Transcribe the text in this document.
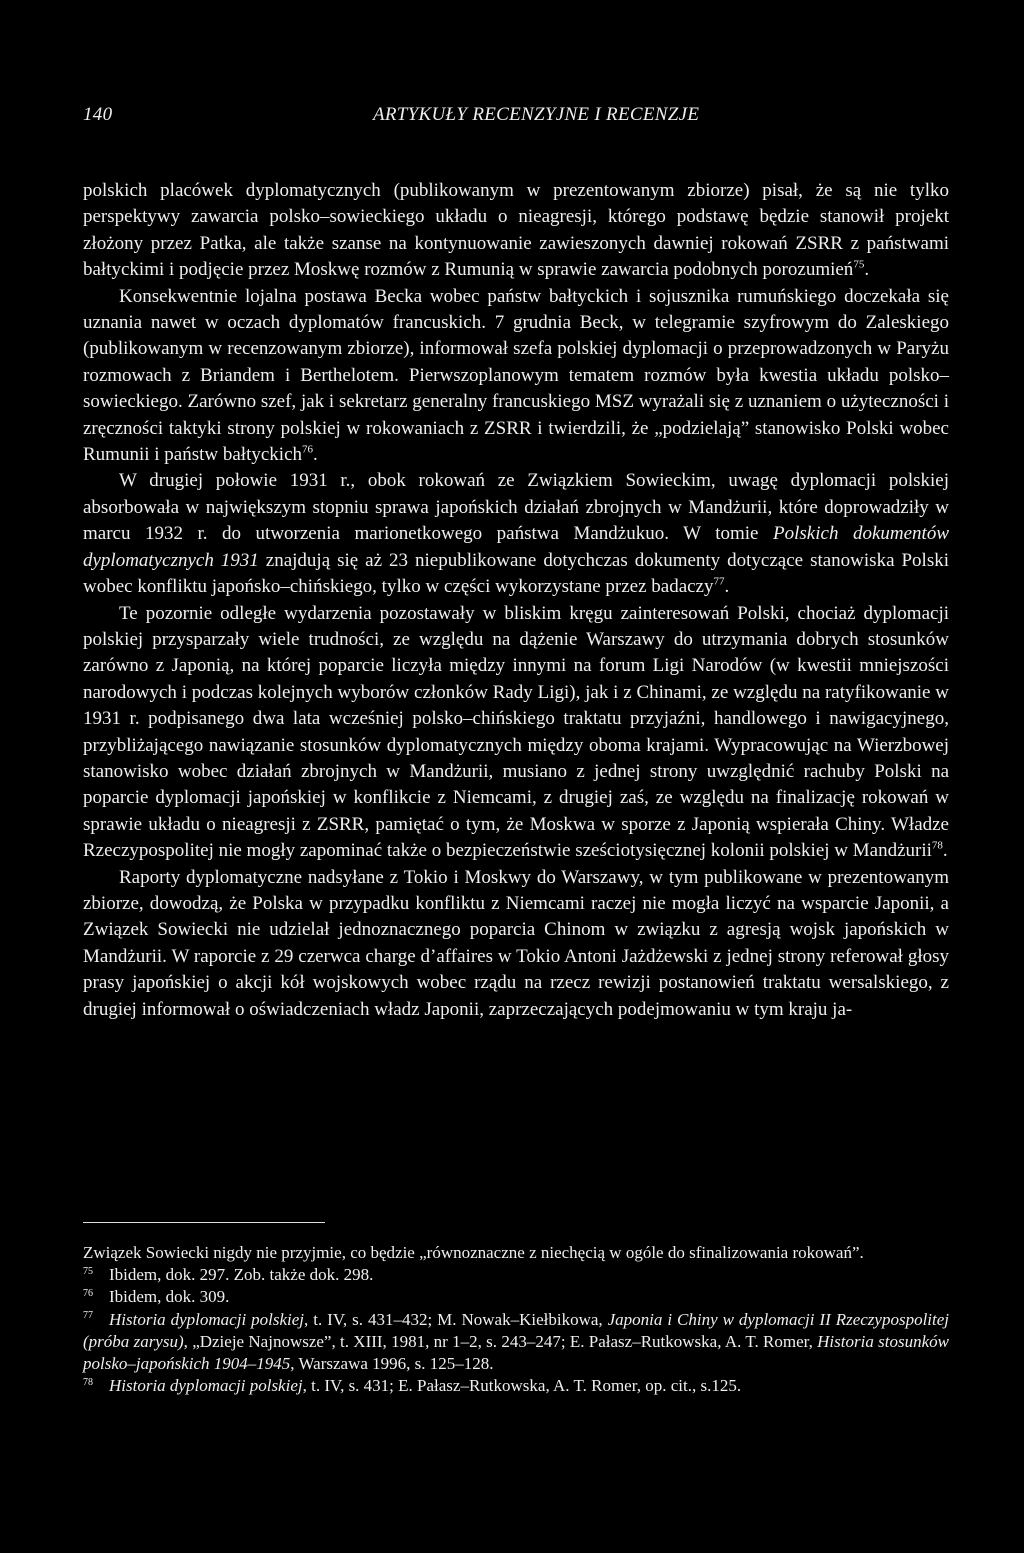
140	ARTYKUŁY RECENZYJNE I RECENZJE

polskich placówek dyplomatycznych (publikowanym w prezentowanym zbiorze) pisał, że są nie tylko perspektywy zawarcia polsko–sowieckiego układu o nieagresji, którego podstawę będzie stanowił projekt złożony przez Patka, ale także szanse na kontynuowanie zawieszonych dawniej rokowań ZSRR z państwami bałtyckimi i podjęcie przez Moskwę rozmów z Rumunią w sprawie zawarcia podobnych porozumień$^{75}$.

Konsekwentnie lojalna postawa Becka wobec państw bałtyckich i sojusznika rumuńskiego doczekała się uznania nawet w oczach dyplomatów francuskich. 7 grudnia Beck, w telegramie szyfrowym do Zaleskiego (publikowanym w recenzowanym zbiorze), informował szefa polskiej dyplomacji o przeprowadzonych w Paryżu rozmowach z Briandem i Berthelotem. Pierwszoplanowym tematem rozmów była kwestia układu polsko–sowieckiego. Zarówno szef, jak i sekretarz generalny francuskiego MSZ wyrażali się z uznaniem o użyteczności i zręczności taktyki strony polskiej w rokowaniach z ZSRR i twierdzili, że „podzielają” stanowisko Polski wobec Rumunii i państw bałtyckich$^{76}$.

W drugiej połowie 1931 r., obok rokowań ze Związkiem Sowieckim, uwagę dyplomacji polskiej absorbowała w największym stopniu sprawa japońskich działań zbrojnych w Mandżurii, które doprowadziły w marcu 1932 r. do utworzenia marionetkowego państwa Mandżukuo. W tomie Polskich dokumentów dyplomatycznych 1931 znajdują się aż 23 niepublikowane dotychczas dokumenty dotyczące stanowiska Polski wobec konfliktu japońsko–chińskiego, tylko w części wykorzystane przez badaczy$^{77}$.

Te pozornie odległe wydarzenia pozostawały w bliskim kręgu zainteresowań Polski, chociaż dyplomacji polskiej przysparzały wiele trudności, ze względu na dążenie Warszawy do utrzymania dobrych stosunków zarówno z Japonią, na której poparcie liczyła między innymi na forum Ligi Narodów (w kwestii mniejszości narodowych i podczas kolejnych wyborów członków Rady Ligi), jak i z Chinami, ze względu na ratyfikowanie w 1931 r. podpisanego dwa lata wcześniej polsko–chińskiego traktatu przyjaźni, handlowego i nawigacyjnego, przybliżającego nawiązanie stosunków dyplomatycznych między oboma krajami. Wypracowując na Wierzbowej stanowisko wobec działań zbrojnych w Mandżurii, musiano z jednej strony uwzględnić rachuby Polski na poparcie dyplomacji japońskiej w konflikcie z Niemcami, z drugiej zaś, ze względu na finalizację rokowań w sprawie układu o nieagresji z ZSRR, pamiętać o tym, że Moskwa w sporze z Japonią wspierała Chiny. Władze Rzeczypospolitej nie mogły zapominać także o bezpieczeństwie sześciotysięcznej kolonii polskiej w Mandżurii$^{78}$.

Raporty dyplomatyczne nadsyłane z Tokio i Moskwy do Warszawy, w tym publikowane w prezentowanym zbiorze, dowodzą, że Polska w przypadku konfliktu z Niemcami raczej nie mogła liczyć na wsparcie Japonii, a Związek Sowiecki nie udzielał jednoznacznego poparcia Chinom w związku z agresją wojsk japońskich w Mandżurii. W raporcie z 29 czerwca charge d’affaires w Tokio Antoni Jażdżewski z jednej strony referował głosy prasy japońskiej o akcji kół wojskowych wobec rządu na rzecz rewizji postanowień traktatu wersalskiego, z drugiej informował o oświadczeniach władz Japonii, zaprzeczających podejmowaniu w tym kraju ja-

Związek Sowiecki nigdy nie przyjmie, co będzie „równoznaczne z niechęcią w ogóle do sfinalizowania rokowań”.

75 Ibidem, dok. 297. Zob. także dok. 298.

76 Ibidem, dok. 309.

77 Historia dyplomacji polskiej, t. IV, s. 431–432; M. Nowak–Kiełbikowa, Japonia i Chiny w dyplomacji II Rzeczypospolitej (próba zarysu), „Dzieje Najnowsze”, t. XIII, 1981, nr 1–2, s. 243–247; E. Pałasz–Rutkowska, A. T. Romer, Historia stosunków polsko–japońskich 1904–1945, Warszawa 1996, s. 125–128.

78 Historia dyplomacji polskiej, t. IV, s. 431; E. Pałasz–Rutkowska, A. T. Romer, op. cit., s.125.
